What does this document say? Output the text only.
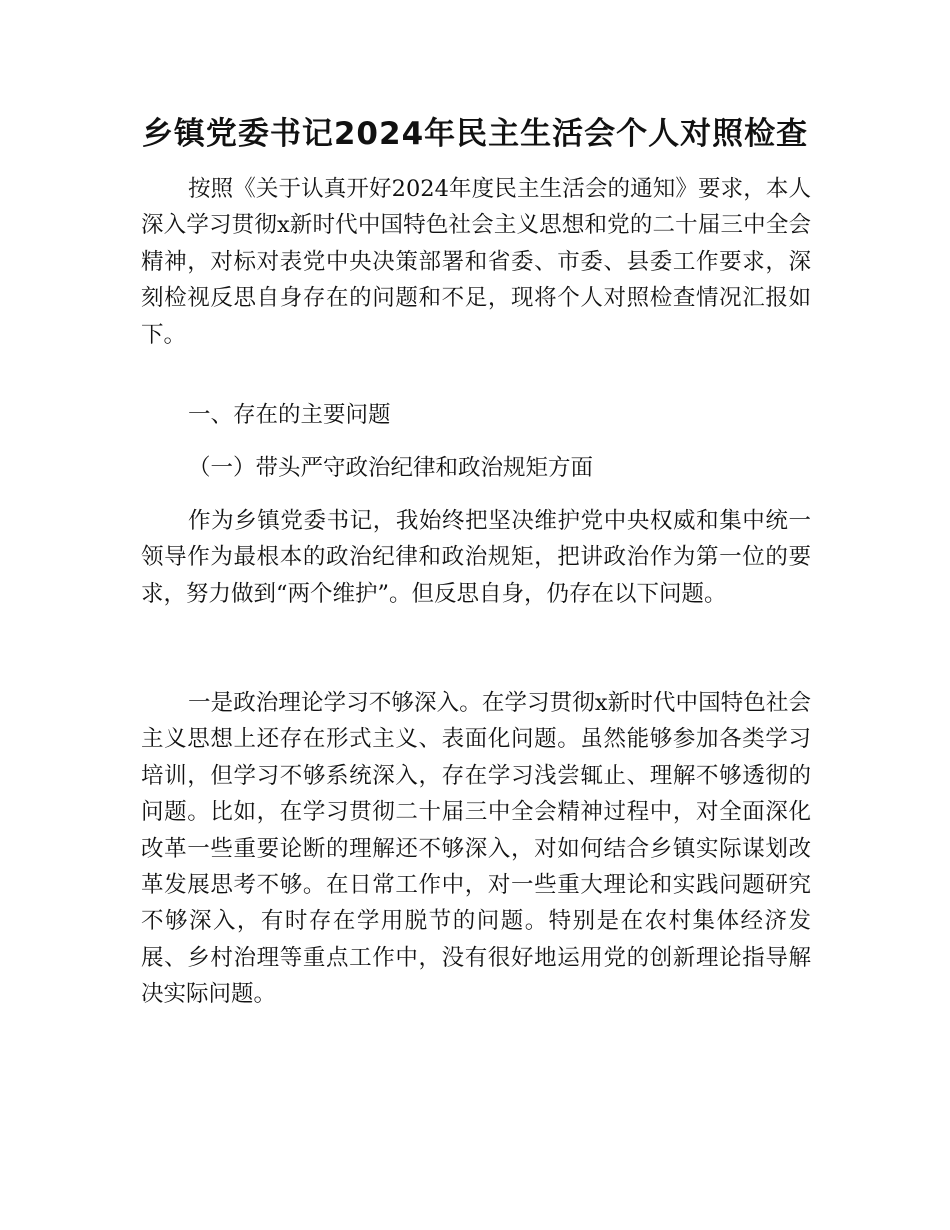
乡镇党委书记2024年民主生活会个人对照检查

按照《关于认真开好2024年度民主生活会的通知》要求，本人深入学习贯彻x新时代中国特色社会主义思想和党的二十届三中全会精神，对标对表党中央决策部署和省委、市委、县委工作要求，深刻检视反思自身存在的问题和不足，现将个人对照检查情况汇报如下。

一、存在的主要问题

（一）带头严守政治纪律和政治规矩方面

作为乡镇党委书记，我始终把坚决维护党中央权威和集中统一领导作为最根本的政治纪律和政治规矩，把讲政治作为第一位的要求，努力做到“两个维护”。但反思自身，仍存在以下问题。

一是政治理论学习不够深入。在学习贯彻x新时代中国特色社会主义思想上还存在形式主义、表面化问题。虽然能够参加各类学习培训，但学习不够系统深入，存在学习浅尝辄止、理解不够透彻的问题。比如，在学习贯彻二十届三中全会精神过程中，对全面深化改革一些重要论断的理解还不够深入，对如何结合乡镇实际谋划改革发展思考不够。在日常工作中，对一些重大理论和实践问题研究不够深入，有时存在学用脱节的问题。特别是在农村集体经济发展、乡村治理等重点工作中，没有很好地运用党的创新理论指导解决实际问题。
